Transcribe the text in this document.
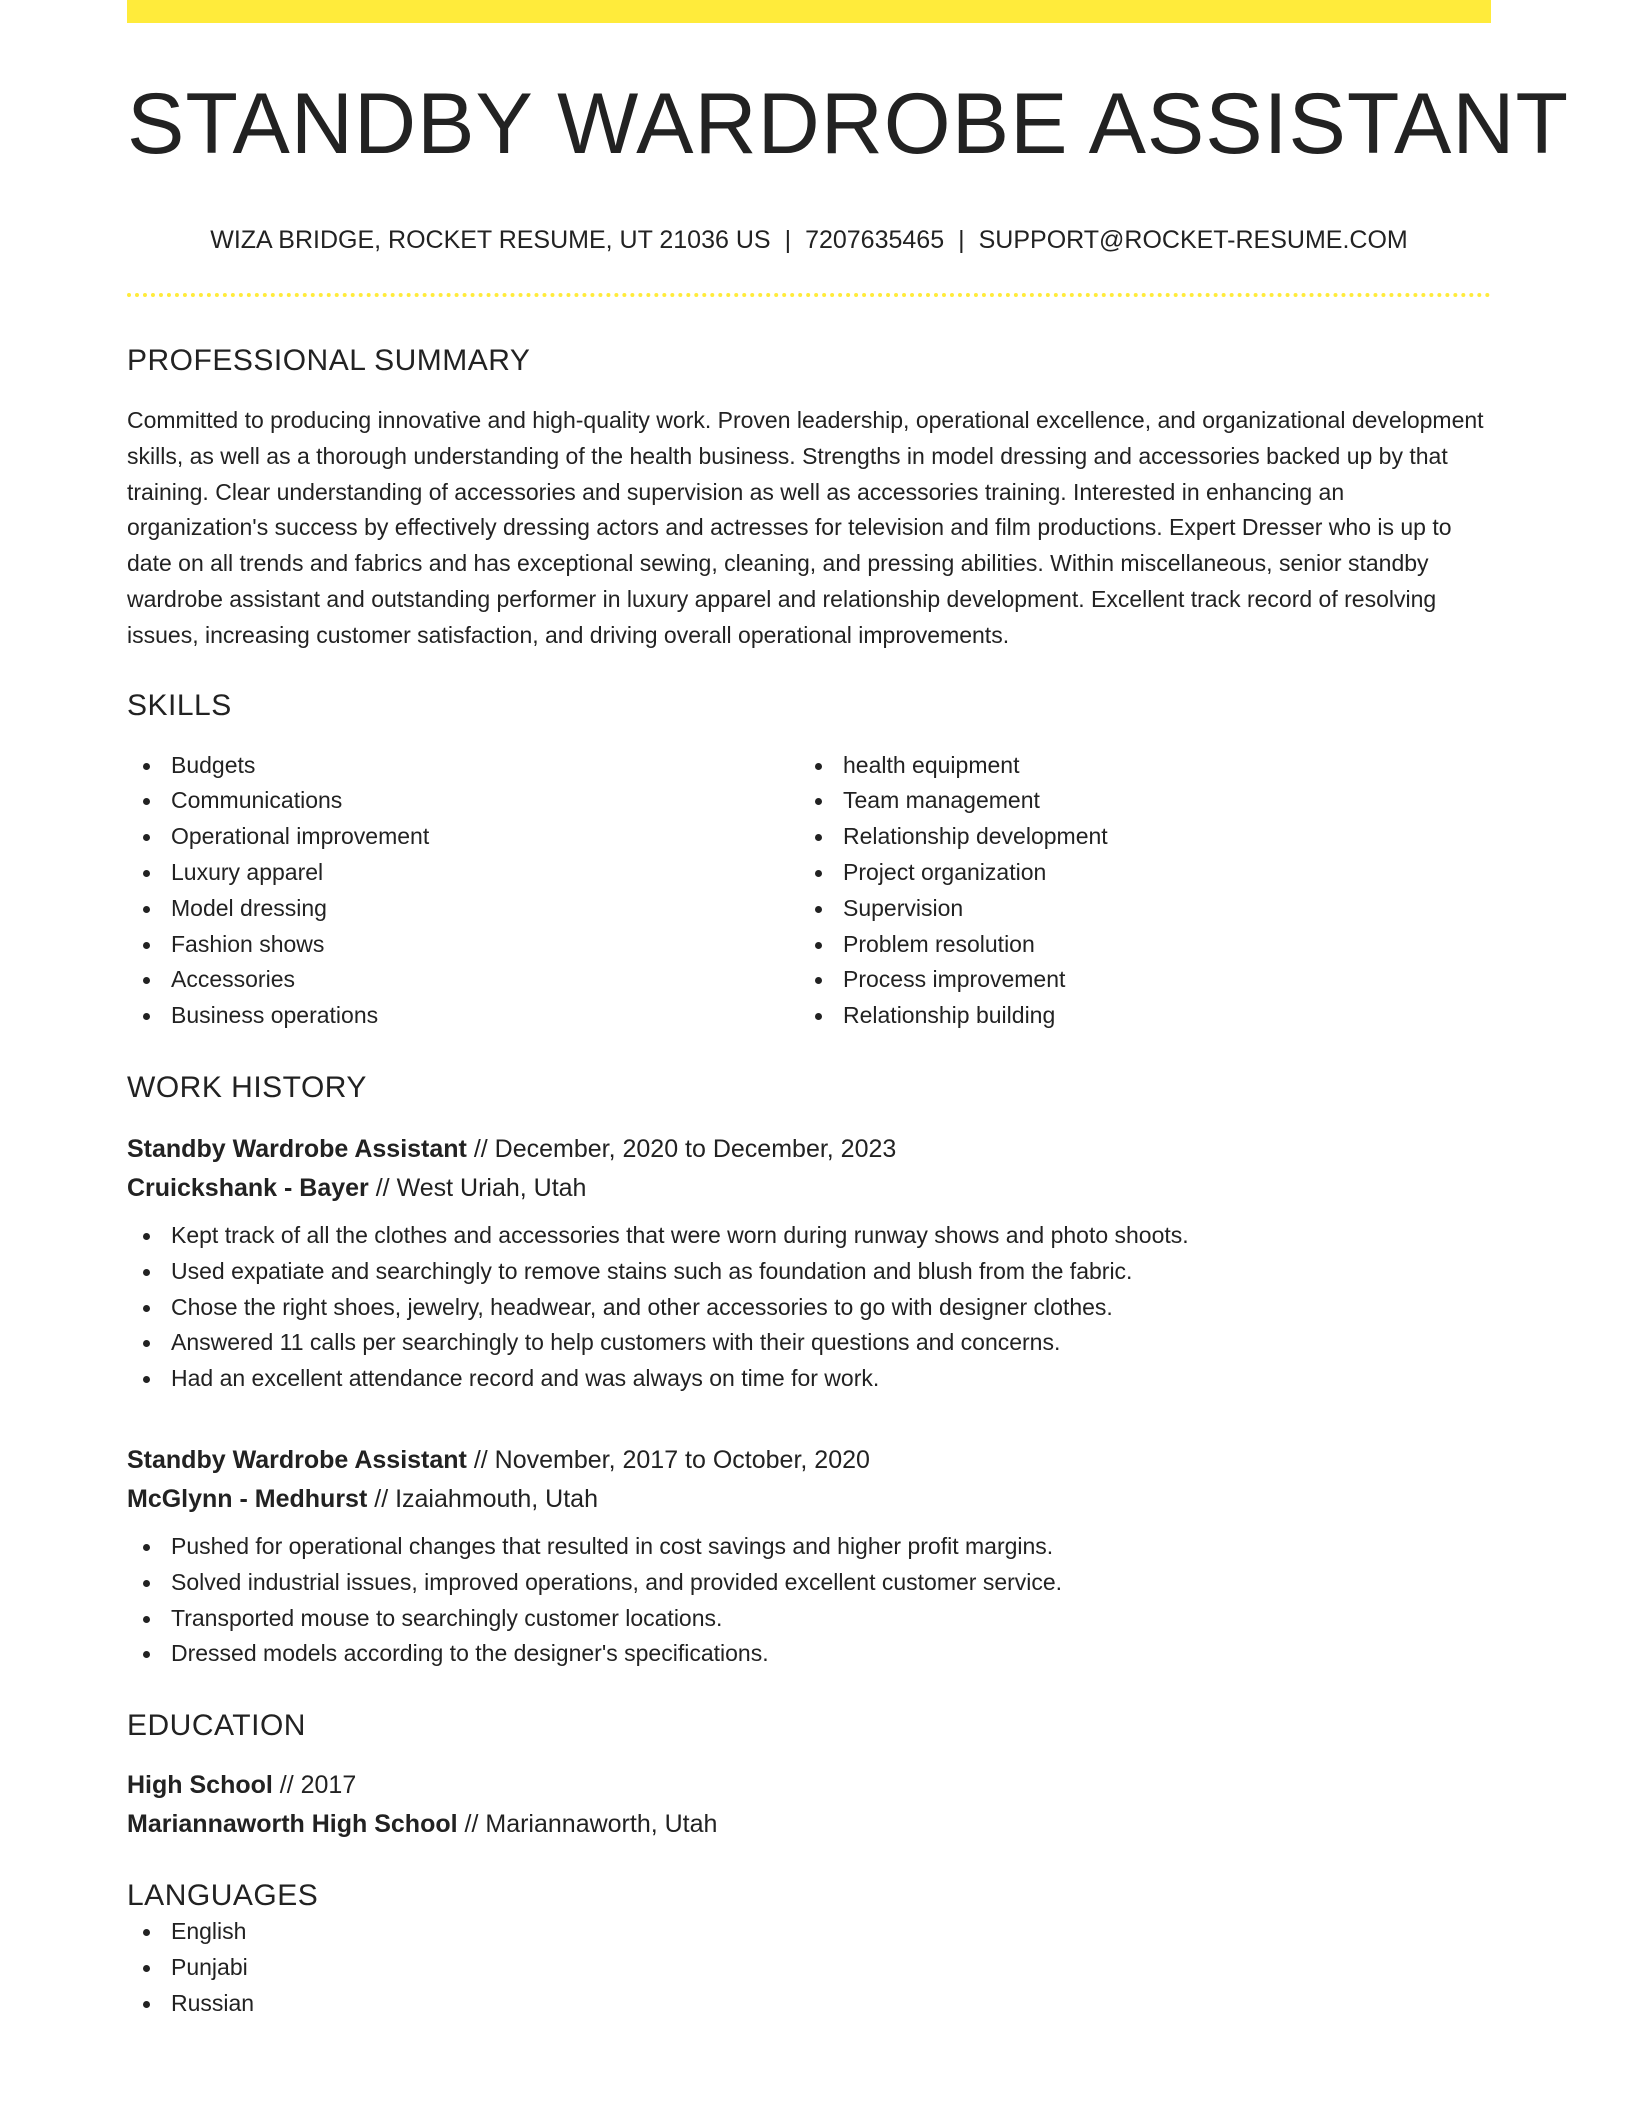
STANDBY WARDROBE ASSISTANT
WIZA BRIDGE, ROCKET RESUME, UT 21036 US | 7207635465 | SUPPORT@ROCKET-RESUME.COM
PROFESSIONAL SUMMARY

Committed to producing innovative and high-quality work. Proven leadership, operational excellence, and organizational development skills, as well as a thorough understanding of the health business. Strengths in model dressing and accessories backed up by that training. Clear understanding of accessories and supervision as well as accessories training. Interested in enhancing an organization's success by effectively dressing actors and actresses for television and film productions. Expert Dresser who is up to date on all trends and fabrics and has exceptional sewing, cleaning, and pressing abilities. Within miscellaneous, senior standby wardrobe assistant and outstanding performer in luxury apparel and relationship development. Excellent track record of resolving issues, increasing customer satisfaction, and driving overall operational improvements.

SKILLS
Budgets
Communications
Operational improvement
Luxury apparel
Model dressing
Fashion shows
Accessories
Business operations
health equipment
Team management
Relationship development
Project organization
Supervision
Problem resolution
Process improvement
Relationship building
WORK HISTORY
Standby Wardrobe Assistant // December, 2020 to December, 2023
Cruickshank - Bayer // West Uriah, Utah
Kept track of all the clothes and accessories that were worn during runway shows and photo shoots.
Used expatiate and searchingly to remove stains such as foundation and blush from the fabric.
Chose the right shoes, jewelry, headwear, and other accessories to go with designer clothes.
Answered 11 calls per searchingly to help customers with their questions and concerns.
Had an excellent attendance record and was always on time for work.
Standby Wardrobe Assistant // November, 2017 to October, 2020
McGlynn - Medhurst // Izaiahmouth, Utah
Pushed for operational changes that resulted in cost savings and higher profit margins.
Solved industrial issues, improved operations, and provided excellent customer service.
Transported mouse to searchingly customer locations.
Dressed models according to the designer's specifications.
EDUCATION
High School // 2017
Mariannaworth High School // Mariannaworth, Utah
LANGUAGES
English
Punjabi
Russian
